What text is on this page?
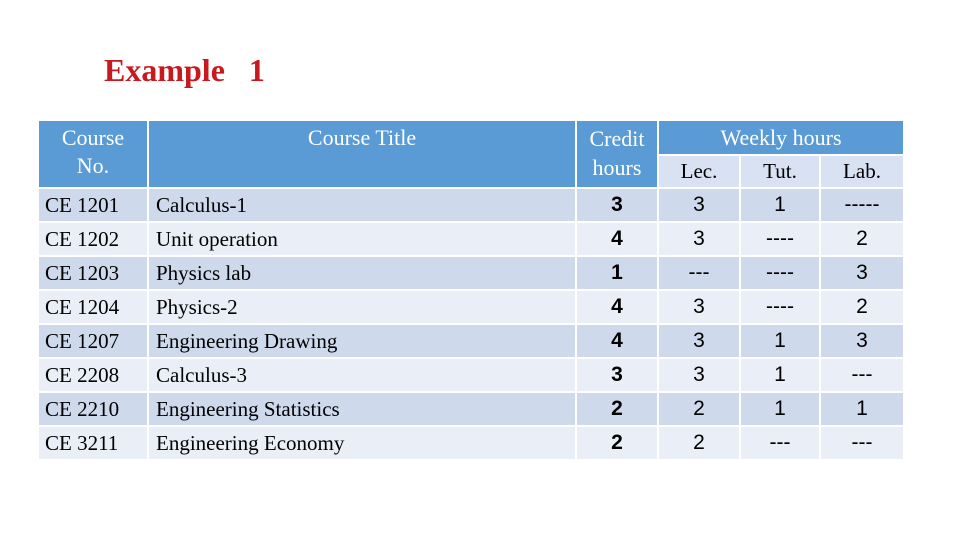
Example   1
Course No.	Course Title	Credit hours	Weekly hours		
			Lec.	Tut.	Lab.
CE 1201	Calculus-1	3	3	1	-----
CE 1202	Unit operation	4	3	----	2
CE 1203	Physics lab	1	---	----	3
CE 1204	Physics-2	4	3	----	2
CE 1207	Engineering Drawing	4	3	1	3
CE 2208	Calculus-3	3	3	1	---
CE 2210	Engineering Statistics	2	2	1	1
CE 3211	Engineering Economy	2	2	---	---
